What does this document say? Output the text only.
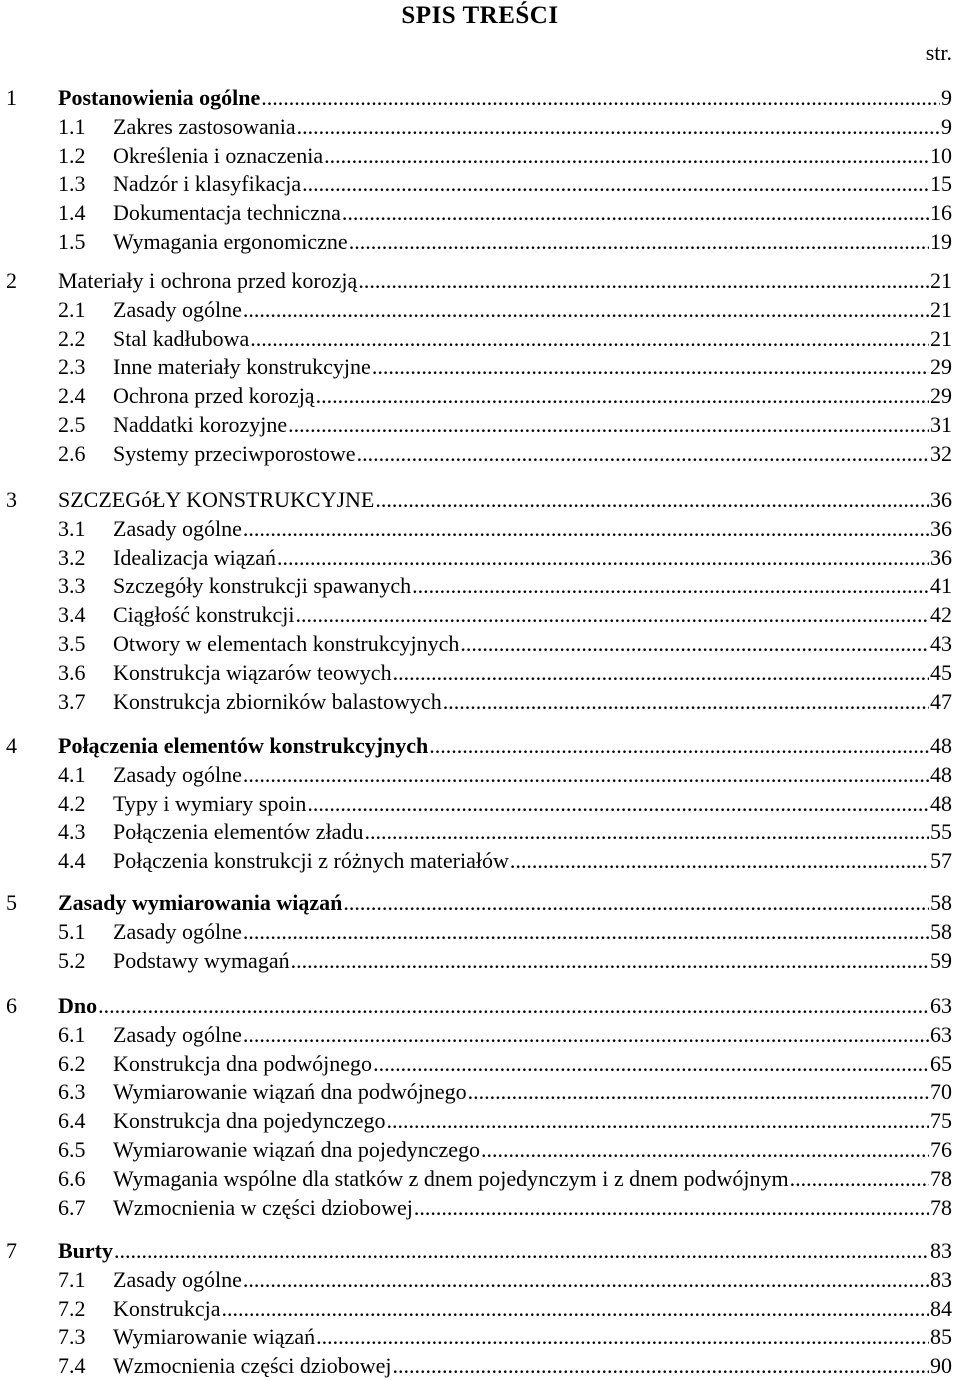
SPIS TREŚCI
str.
1 Postanowienia ogólne .....	9
1.1 Zakres zastosowania .....	9
1.2 Określenia i oznaczenia .....	10
1.3 Nadzór i klasyfikacja .....	15
1.4 Dokumentacja techniczna .....	16
1.5 Wymagania ergonomiczne .....	19
2 Materiały i ochrona przed korozją .....	21
2.1 Zasady ogólne .....	21
2.2 Stal kadłubowa .....	21
2.3 Inne materiały konstrukcyjne .....	29
2.4 Ochrona przed korozją .....	29
2.5 Naddatki korozyjne .....	31
2.6 Systemy przeciwporostowe .....	32
3 SZCZEGóŁY KONSTRUKCYJNE .....	36
3.1 Zasady ogólne .....	36
3.2 Idealizacja wiązań .....	36
3.3 Szczegóły konstrukcji spawanych .....	41
3.4 Ciągłość konstrukcji .....	42
3.5 Otwory w elementach konstrukcyjnych .....	43
3.6 Konstrukcja wiązarów teowych .....	45
3.7 Konstrukcja zbiorników balastowych .....	47
4 Połączenia elementów konstrukcyjnych .....	48
4.1 Zasady ogólne .....	48
4.2 Typy i wymiary spoin .....	48
4.3 Połączenia elementów zładu .....	55
4.4 Połączenia konstrukcji z różnych materiałów .....	57
5 Zasady wymiarowania wiązań .....	58
5.1 Zasady ogólne .....	58
5.2 Podstawy wymagań .....	59
6 Dno .....	63
6.1 Zasady ogólne .....	63
6.2 Konstrukcja dna podwójnego .....	65
6.3 Wymiarowanie wiązań dna podwójnego .....	70
6.4 Konstrukcja dna pojedynczego .....	75
6.5 Wymiarowanie wiązań dna pojedynczego .....	76
6.6 Wymagania wspólne dla statków z dnem pojedynczym i z dnem podwójnym .....	78
6.7 Wzmocnienia w części dziobowej .....	78
7 Burty .....	83
7.1 Zasady ogólne .....	83
7.2 Konstrukcja .....	84
7.3 Wymiarowanie wiązań .....	85
7.4 Wzmocnienia części dziobowej .....	90
